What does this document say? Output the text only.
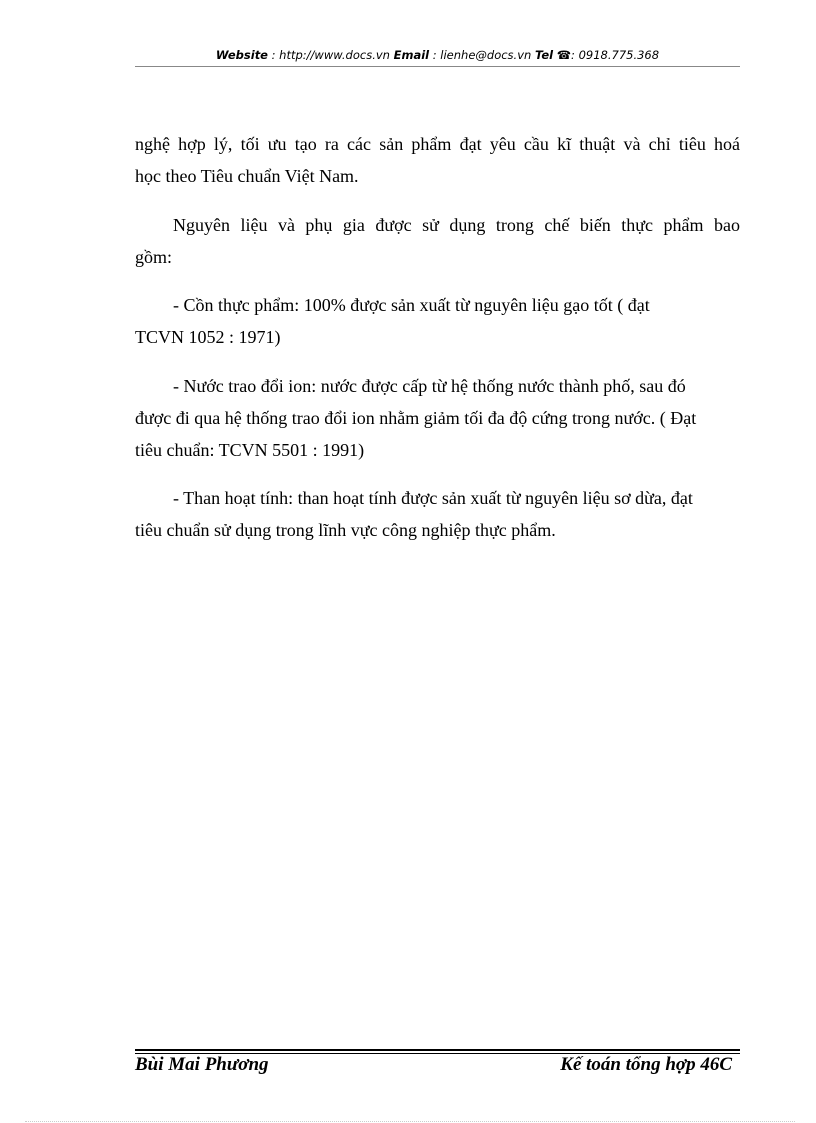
Website : http://www.docs.vn Email : lienhe@docs.vn Tel ☎: 0918.775.368
nghệ hợp lý, tối ưu tạo ra các sản phẩm đạt yêu cầu kĩ thuật và chỉ tiêu hoá
học theo Tiêu chuẩn Việt Nam.
Nguyên liệu và phụ gia được sử dụng trong chế biến thực phẩm bao
gồm:
- Cồn thực phẩm: 100% được sản xuất từ nguyên liệu gạo tốt ( đạt
TCVN 1052 : 1971)
- Nước trao đổi ion: nước được cấp từ hệ thống nước thành phố, sau đó
được đi qua hệ thống trao đổi ion nhằm giảm tối đa độ cứng trong nước. ( Đạt
tiêu chuẩn: TCVN 5501 : 1991)
- Than hoạt tính: than hoạt tính được sản xuất từ nguyên liệu sơ dừa, đạt
tiêu chuẩn sử dụng trong lĩnh vực công nghiệp thực phẩm.
Bùi Mai Phương	Kế toán tổng hợp 46C
